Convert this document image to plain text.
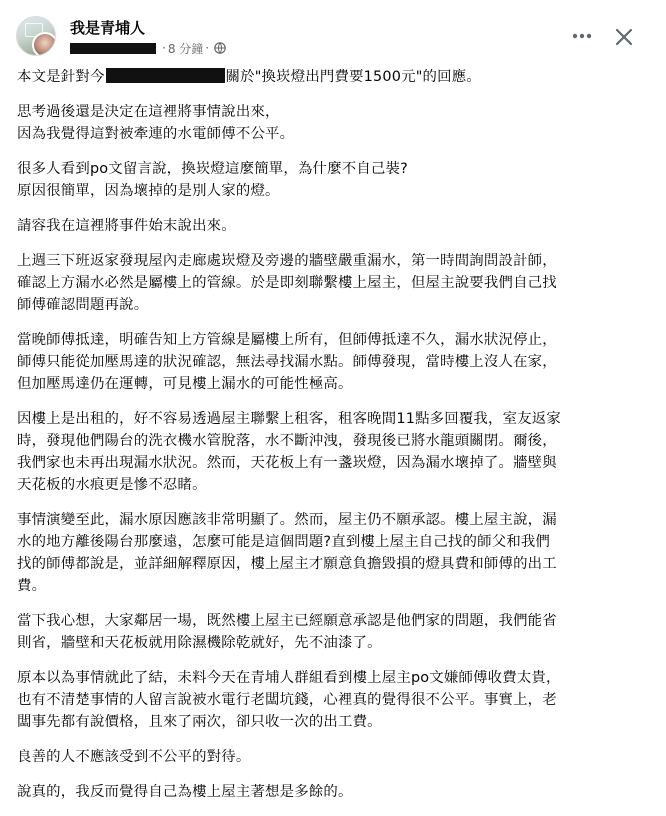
我是青埔人
· 8 分鐘 ·

本文是針對今	關於"換崁燈出門費要1500元"的回應。

思考過後還是決定在這裡將事情說出來，
因為我覺得這對被牽連的水電師傅不公平。

很多人看到po文留言說，換崁燈這麼簡單，為什麼不自己裝?
原因很簡單，因為壞掉的是別人家的燈。

請容我在這裡將事件始末說出來。

上週三下班返家發現屋內走廊處崁燈及旁邊的牆壁嚴重漏水，第一時間詢問設計師，
確認上方漏水必然是屬樓上的管線。於是即刻聯繫樓上屋主，但屋主說要我們自己找
師傅確認問題再說。

當晚師傅抵達，明確告知上方管線是屬樓上所有，但師傅抵達不久，漏水狀況停止，
師傅只能從加壓馬達的狀況確認，無法尋找漏水點。師傅發現，當時樓上沒人在家，
但加壓馬達仍在運轉，可見樓上漏水的可能性極高。

因樓上是出租的，好不容易透過屋主聯繫上租客，租客晚間11點多回覆我，室友返家
時，發現他們陽台的洗衣機水管脫落，水不斷沖洩，發現後已將水龍頭關閉。爾後，
我們家也未再出現漏水狀況。然而，天花板上有一盞崁燈，因為漏水壞掉了。牆壁與
天花板的水痕更是慘不忍睹。

事情演變至此，漏水原因應該非常明顯了。然而，屋主仍不願承認。樓上屋主說，漏
水的地方離後陽台那麼遠，怎麼可能是這個問題?直到樓上屋主自己找的師父和我們
找的師傅都說是，並詳細解釋原因，樓上屋主才願意負擔毀損的燈具費和師傅的出工
費。

當下我心想，大家鄰居一場，既然樓上屋主已經願意承認是他們家的問題，我們能省
則省，牆壁和天花板就用除濕機除乾就好，先不油漆了。

原本以為事情就此了結，未料今天在青埔人群組看到樓上屋主po文嫌師傅收費太貴，
也有不清楚事情的人留言說被水電行老闆坑錢，心裡真的覺得很不公平。事實上，老
闆事先都有說價格，且來了兩次，卻只收一次的出工費。

良善的人不應該受到不公平的對待。

說真的，我反而覺得自己為樓上屋主著想是多餘的。
